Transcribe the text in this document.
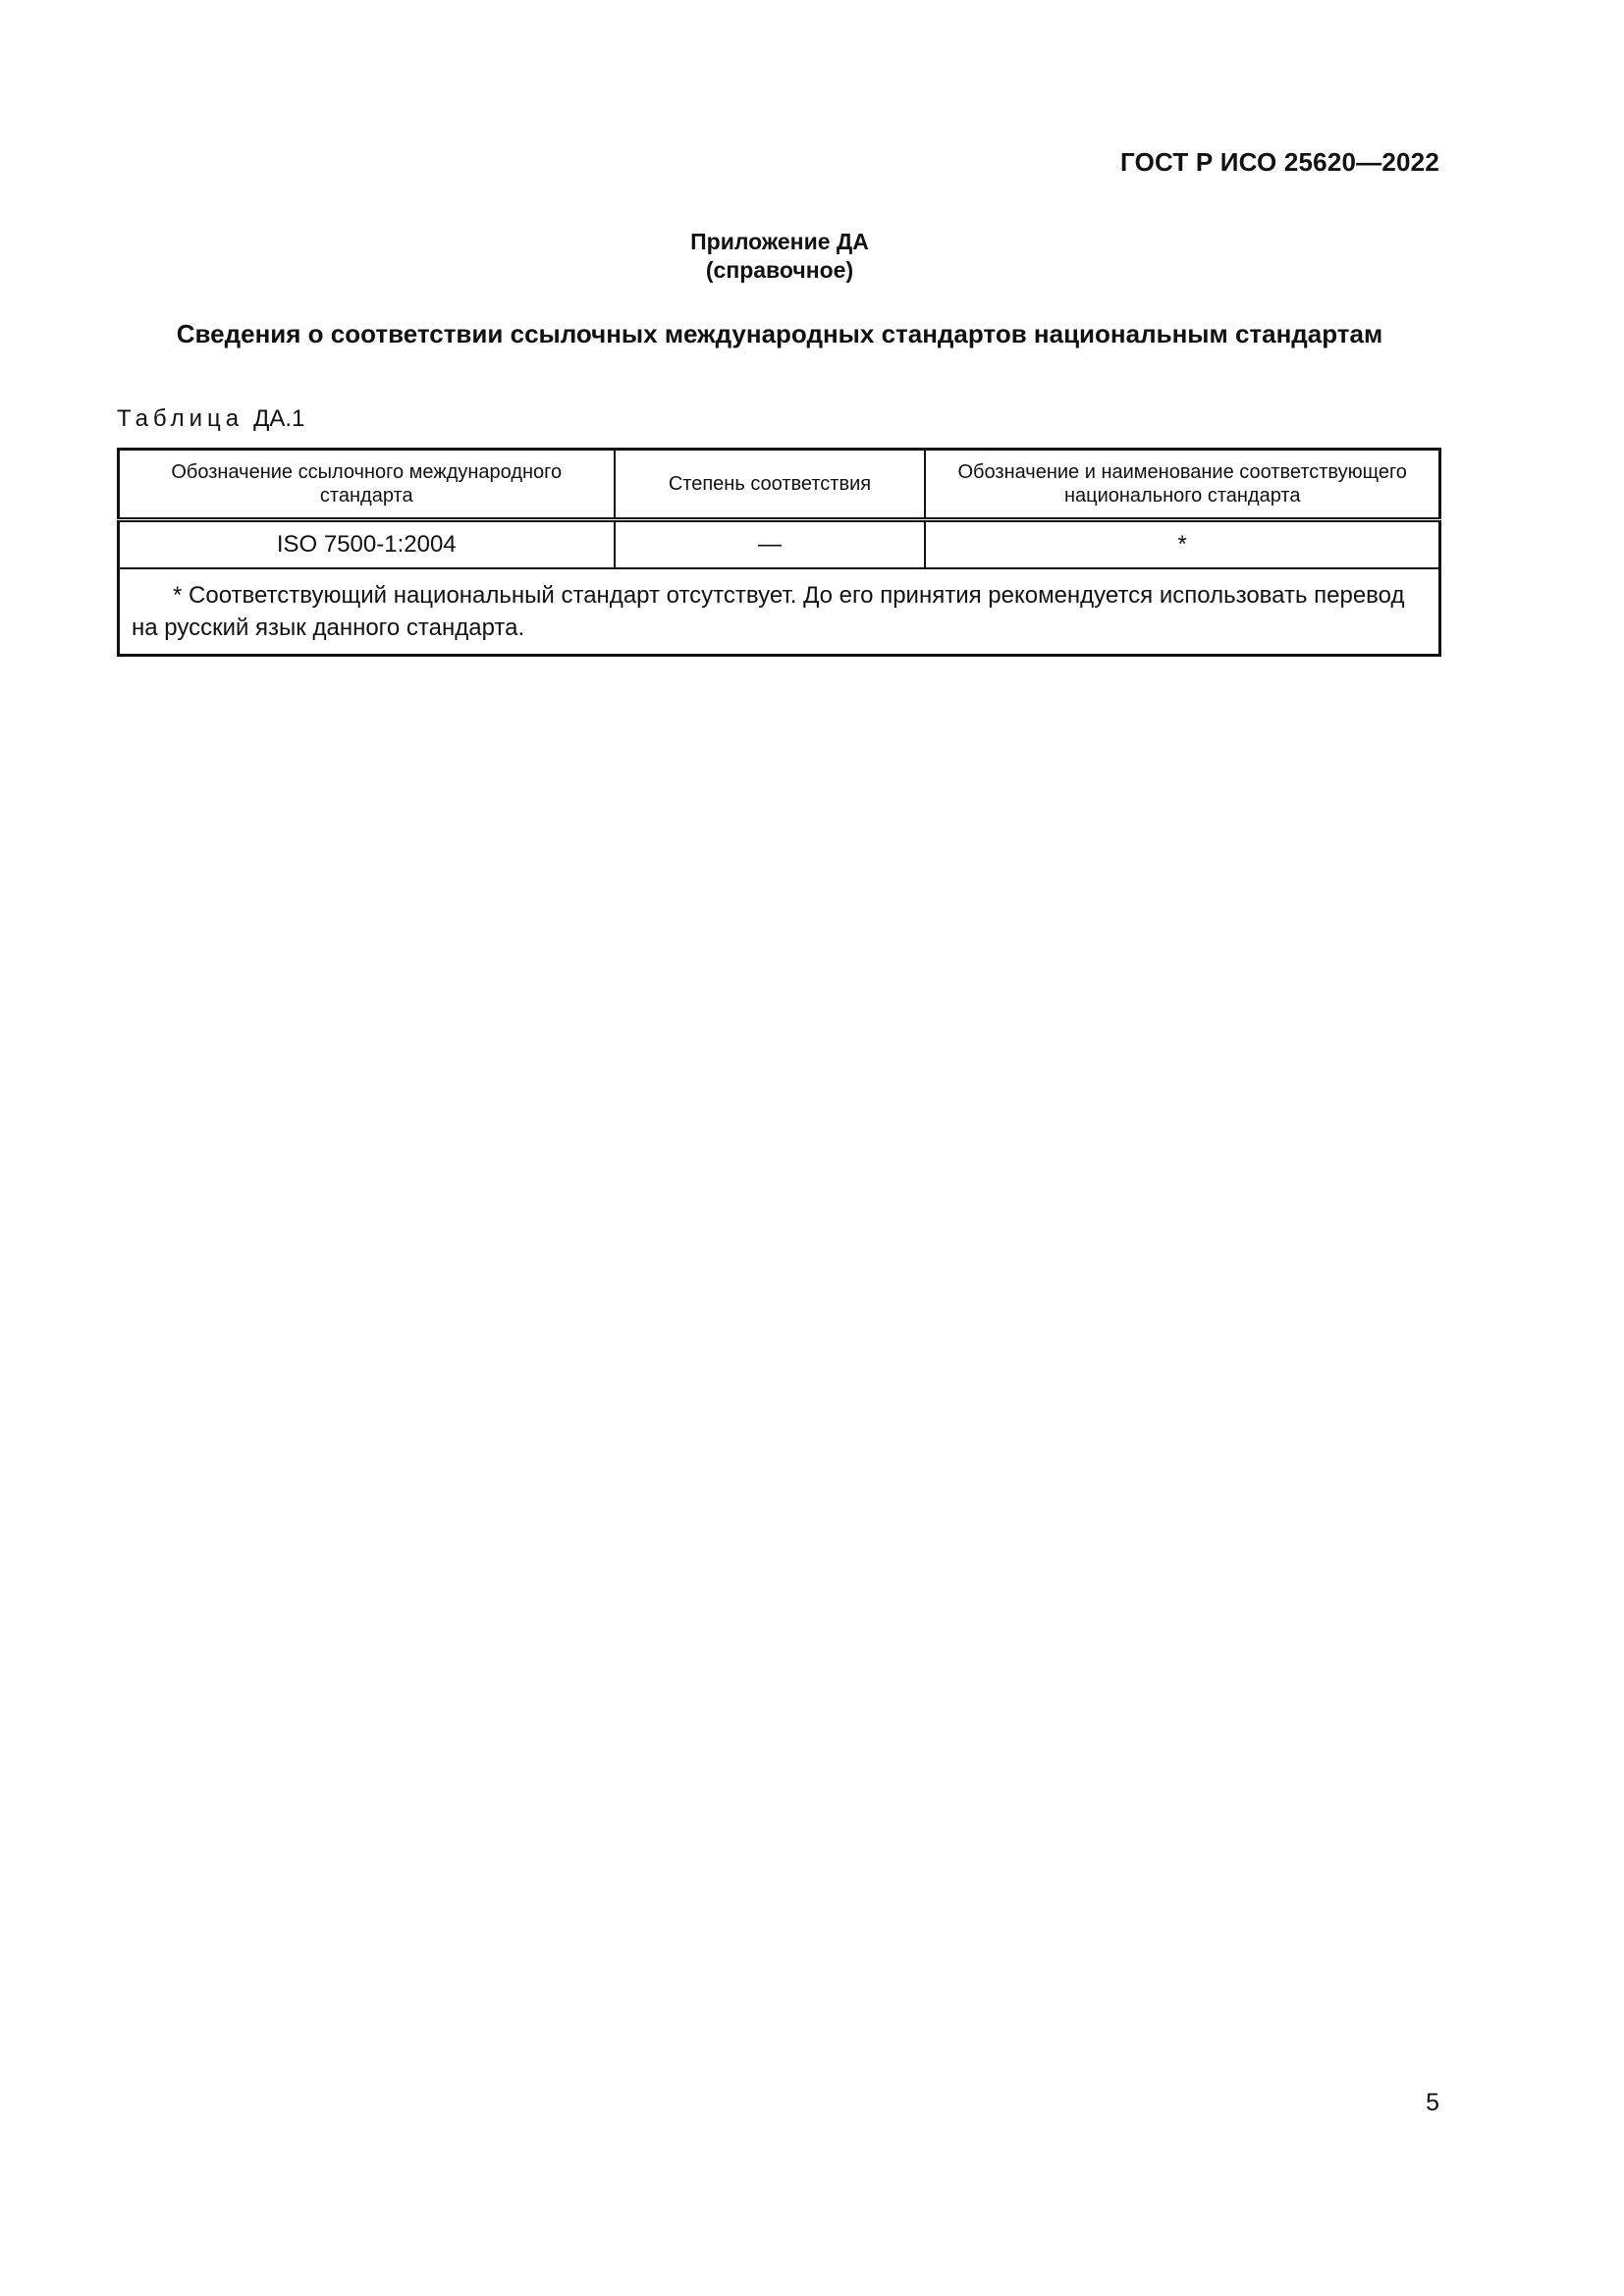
ГОСТ Р ИСО 25620—2022
Приложение ДА
(справочное)
Сведения о соответствии ссылочных международных стандартов национальным стандартам
Таблица ДА.1
Обозначение ссылочного международного стандарта	Степень соответствия	Обозначение и наименование соответствующего национального стандарта
ISO 7500-1:2004	—	*
* Соответствующий национальный стандарт отсутствует. До его принятия рекомендуется использовать перевод на русский язык данного стандарта.		
5
